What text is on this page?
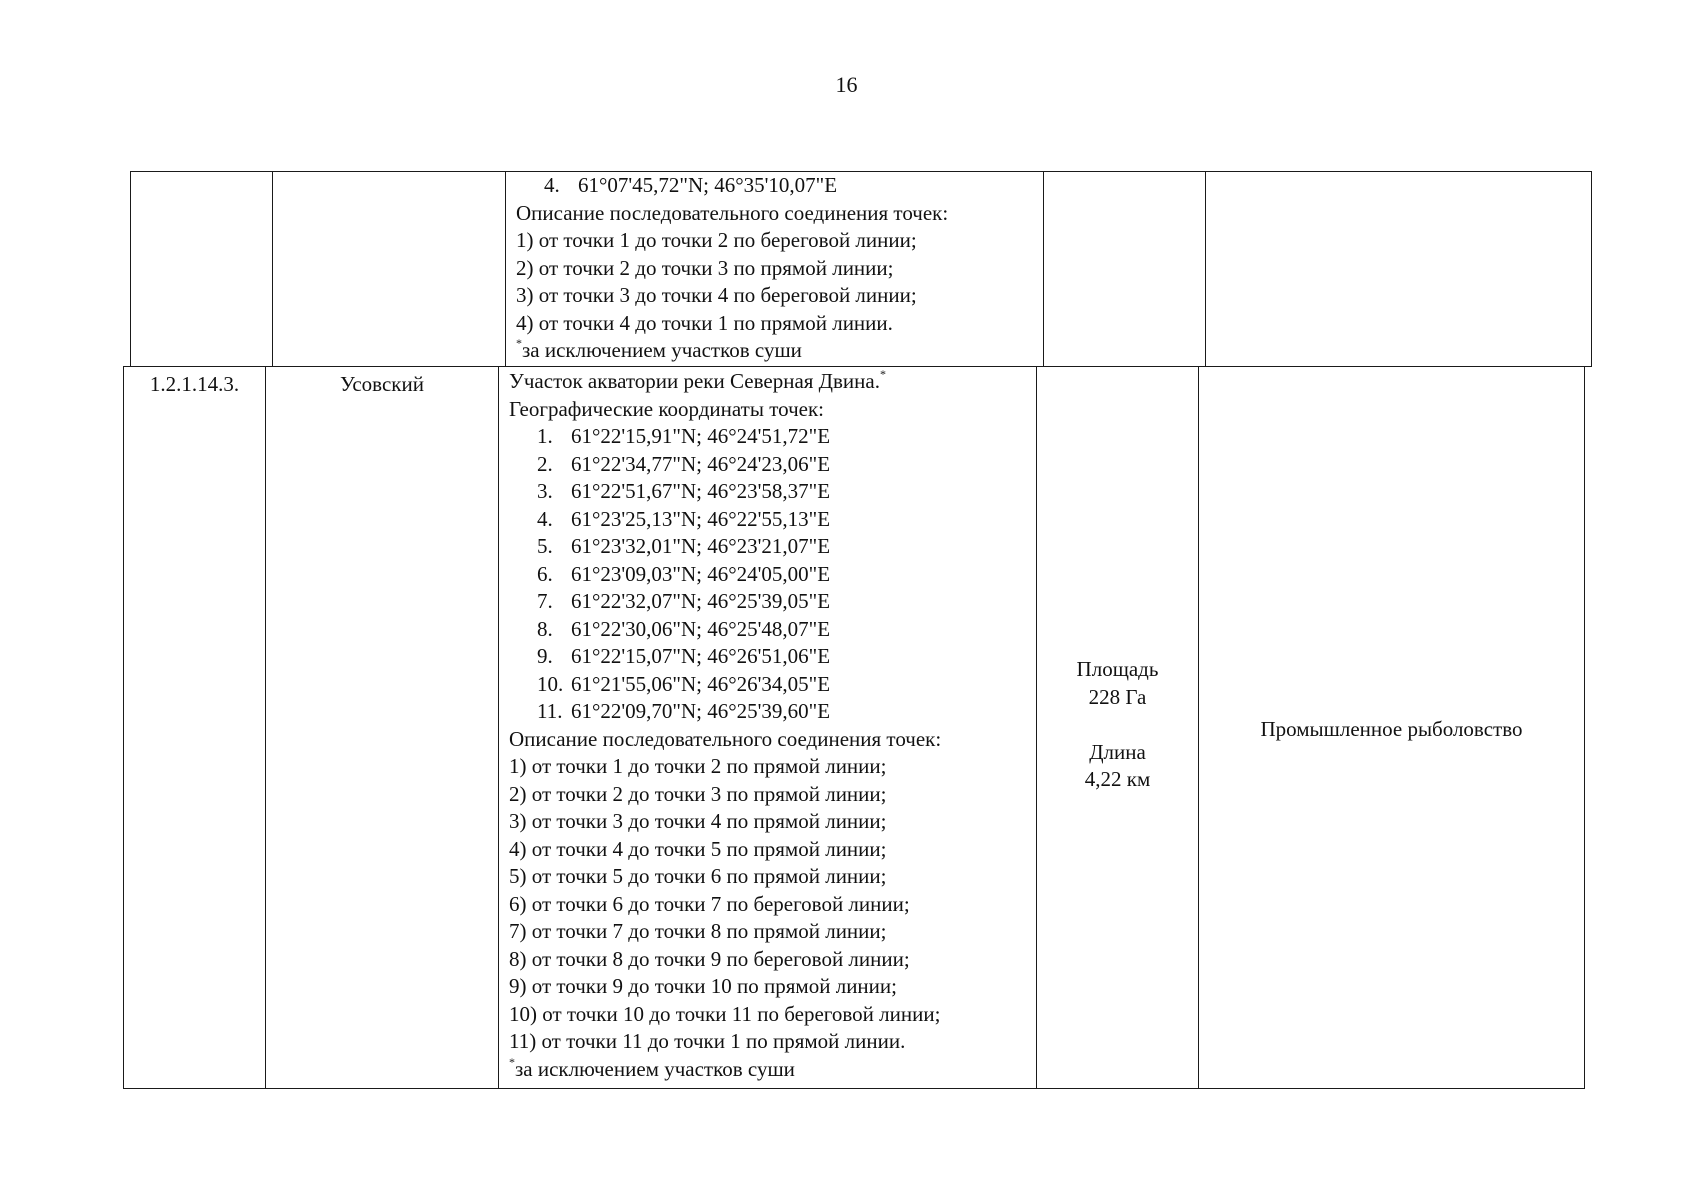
16
4. 61°07'45,72"N; 46°35'10,07"E
Описание последовательного соединения точек:
1) от точки 1 до точки 2 по береговой линии;
2) от точки 2 до точки 3 по прямой линии;
3) от точки 3 до точки 4 по береговой линии;
4) от точки 4 до точки 1 по прямой линии.
*за исключением участков суши
1.2.1.14.3.	Усовский	Участок акватории реки Северная Двина.*
Географические координаты точек:
1. 61°22'15,91"N; 46°24'51,72"E
2. 61°22'34,77"N; 46°24'23,06"E
3. 61°22'51,67"N; 46°23'58,37"E
4. 61°23'25,13"N; 46°22'55,13"E
5. 61°23'32,01"N; 46°23'21,07"E
6. 61°23'09,03"N; 46°24'05,00"E
7. 61°22'32,07"N; 46°25'39,05"E
8. 61°22'30,06"N; 46°25'48,07"E
9. 61°22'15,07"N; 46°26'51,06"E
10. 61°21'55,06"N; 46°26'34,05"E
11. 61°22'09,70"N; 46°25'39,60"E
Описание последовательного соединения точек:
1) от точки 1 до точки 2 по прямой линии;
2) от точки 2 до точки 3 по прямой линии;
3) от точки 3 до точки 4 по прямой линии;
4) от точки 4 до точки 5 по прямой линии;
5) от точки 5 до точки 6 по прямой линии;
6) от точки 6 до точки 7 по береговой линии;
7) от точки 7 до точки 8 по прямой линии;
8) от точки 8 до точки 9 по береговой линии;
9) от точки 9 до точки 10 по прямой линии;
10) от точки 10 до точки 11 по береговой линии;
11) от точки 11 до точки 1 по прямой линии.
*за исключением участков суши
Площадь
228 Га
Длина
4,22 км
Промышленное рыболовство
